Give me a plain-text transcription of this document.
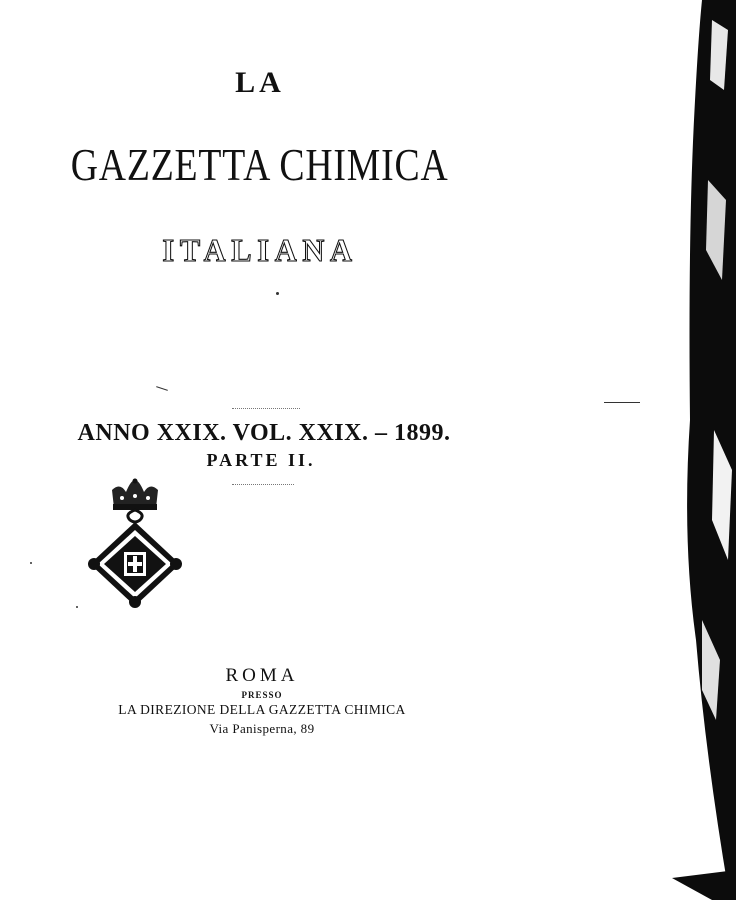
LA
GAZZETTA CHIMICA
ITALIANA
ANNO XXIX. VOL. XXIX. – 1899.
PARTE II.
ROMA
PRESSO
LA DIREZIONE DELLA GAZZETTA CHIMICA
Via Panisperna, 89
